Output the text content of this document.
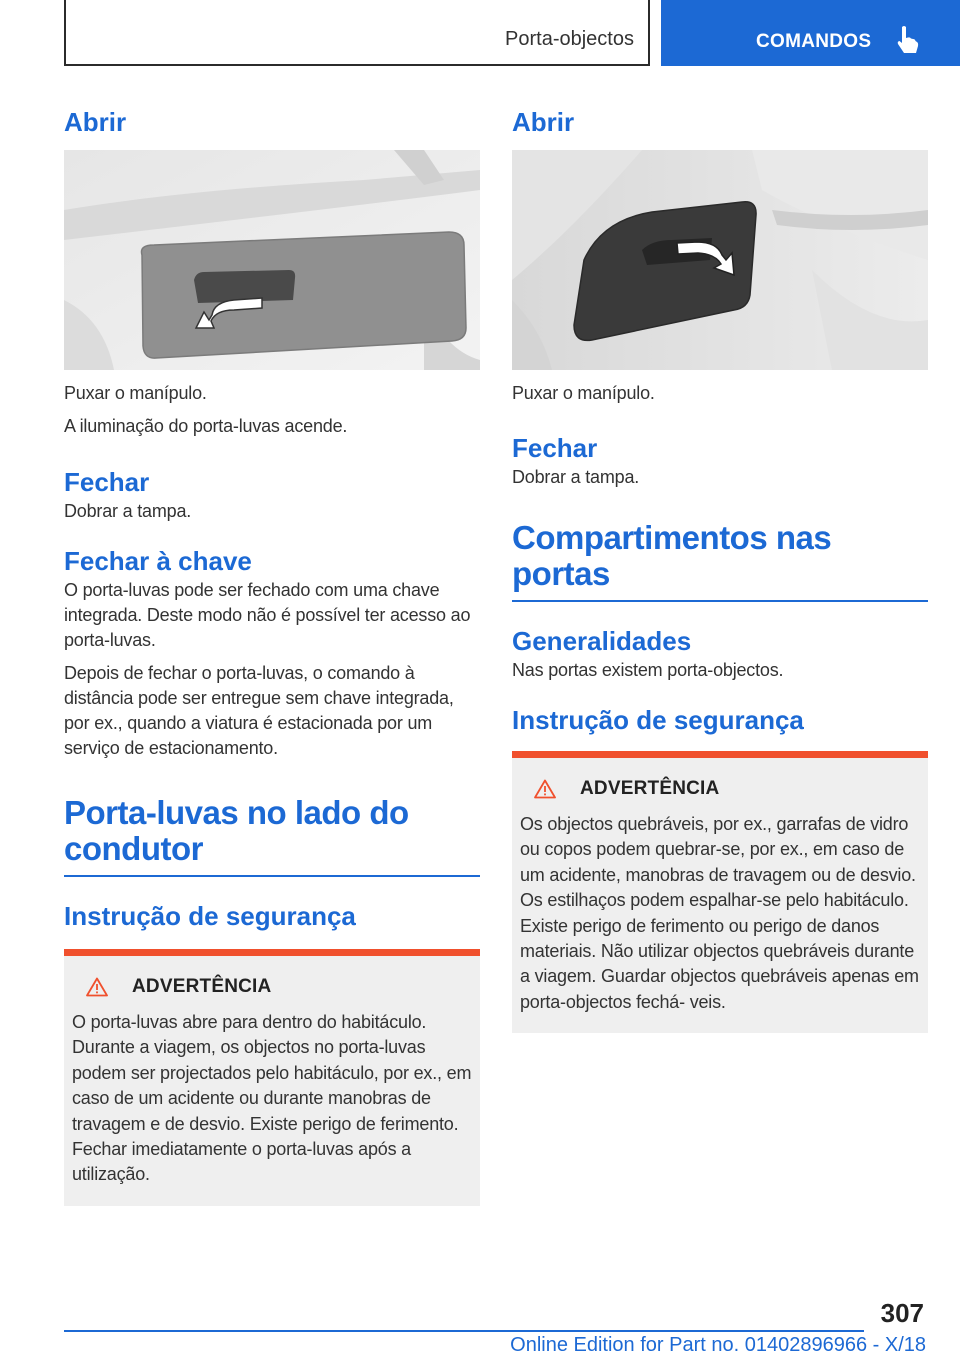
Porta-objectos	COMANDOS
Abrir

Puxar o manípulo.

A iluminação do porta-luvas acende.

Fechar

Dobrar a tampa.

Fechar à chave

O porta-luvas pode ser fechado com uma chave integrada. Deste modo não é possível ter acesso ao porta-luvas.

Depois de fechar o porta-luvas, o comando à distância pode ser entregue sem chave integrada, por ex., quando a viatura é estacionada por um serviço de estacionamento.

Porta-luvas no lado do condutor
Instrução de segurança
ADVERTÊNCIA

O porta-luvas abre para dentro do habitáculo. Durante a viagem, os objectos no porta-luvas podem ser projectados pelo habitáculo, por ex., em caso de um acidente ou durante manobras de travagem e de desvio. Existe perigo de ferimento. Fechar imediatamente o porta-luvas após a utilização.

Abrir

Puxar o manípulo.

Fechar

Dobrar a tampa.

Compartimentos nas portas
Generalidades

Nas portas existem porta-objectos.

Instrução de segurança
ADVERTÊNCIA

Os objectos quebráveis, por ex., garrafas de vidro ou copos podem quebrar-se, por ex., em caso de um acidente, manobras de travagem ou de desvio. Os estilhaços podem espalhar-se pelo habitáculo. Existe perigo de ferimento ou perigo de danos materiais. Não utilizar objectos quebráveis durante a viagem. Guardar objectos quebráveis apenas em porta-objectos fechá- veis.

307
Online Edition for Part no. 01402896966 - X/18
